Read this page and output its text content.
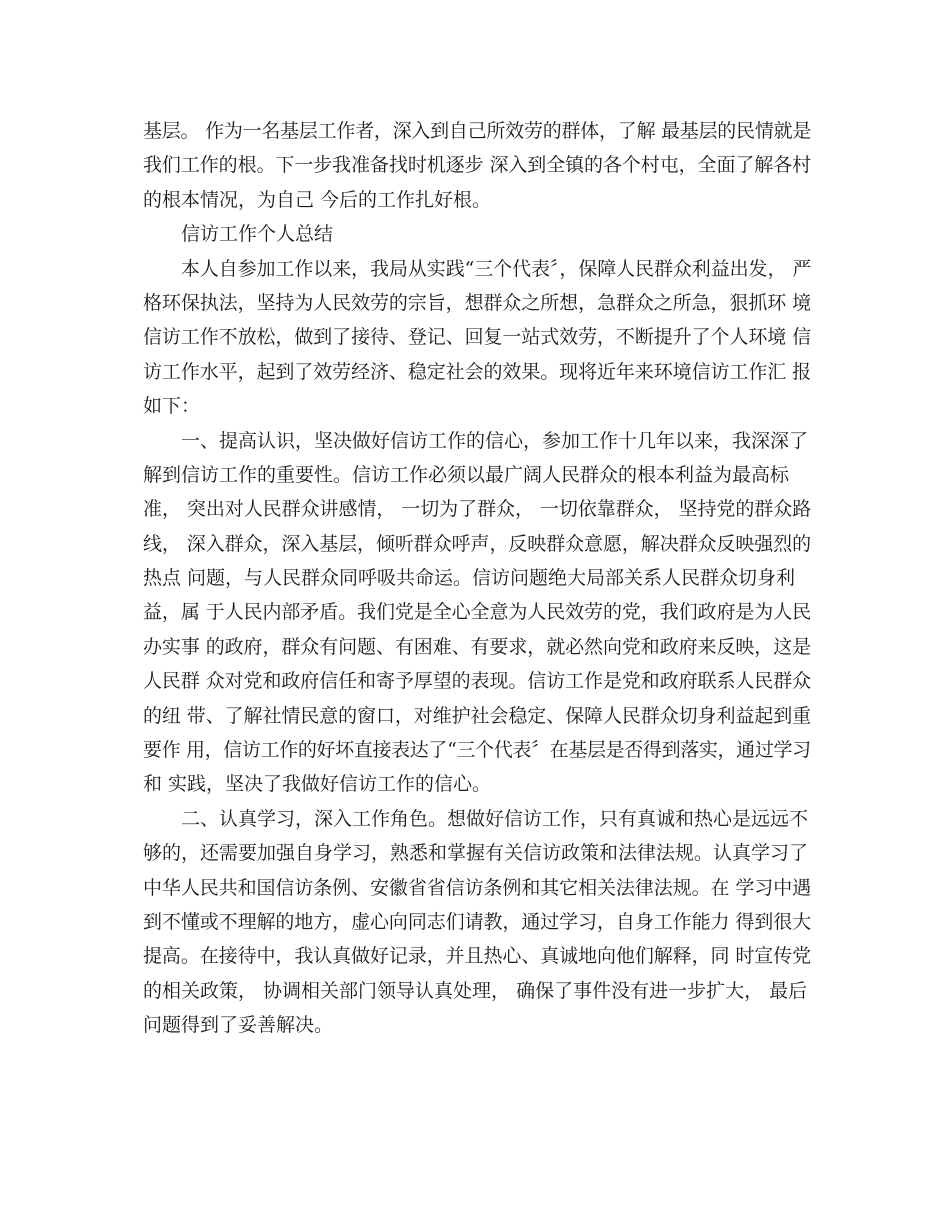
基层。 作为一名基层工作者，深入到自己所效劳的群体，了解 最基层的民情就是
我们工作的根。下一步我准备找时机逐步 深入到全镇的各个村屯，全面了解各村
的根本情况，为自己 今后的工作扎好根。
　　信访工作个人总结
　　本人自参加工作以来，我局从实践“三个代表〞，保障人民群众利益出发， 严
格环保执法，坚持为人民效劳的宗旨，想群众之所想，急群众之所急，狠抓环 境
信访工作不放松，做到了接待、登记、回复一站式效劳，不断提升了个人环境 信
访工作水平，起到了效劳经济、稳定社会的效果。现将近年来环境信访工作汇 报
如下：
　　一、提高认识，坚决做好信访工作的信心，参加工作十几年以来，我深深了
解到信访工作的重要性。信访工作必须以最广阔人民群众的根本利益为最高标
准， 突出对人民群众讲感情， 一切为了群众， 一切依靠群众， 坚持党的群众路
线， 深入群众，深入基层，倾听群众呼声，反映群众意愿，解决群众反映强烈的
热点 问题，与人民群众同呼吸共命运。信访问题绝大局部关系人民群众切身利
益，属 于人民内部矛盾。我们党是全心全意为人民效劳的党，我们政府是为人民
办实事 的政府，群众有问题、有困难、有要求，就必然向党和政府来反映，这是
人民群 众对党和政府信任和寄予厚望的表现。信访工作是党和政府联系人民群众
的纽 带、了解社情民意的窗口，对维护社会稳定、保障人民群众切身利益起到重
要作 用，信访工作的好坏直接表达了“三个代表〞在基层是否得到落实，通过学习
和 实践，坚决了我做好信访工作的信心。
　　二、认真学习，深入工作角色。想做好信访工作，只有真诚和热心是远远不
够的，还需要加强自身学习，熟悉和掌握有关信访政策和法律法规。认真学习了
中华人民共和国信访条例、安徽省省信访条例和其它相关法律法规。在 学习中遇
到不懂或不理解的地方，虚心向同志们请教，通过学习，自身工作能力 得到很大
提高。在接待中，我认真做好记录，并且热心、真诚地向他们解释，同 时宣传党
的相关政策， 协调相关部门领导认真处理， 确保了事件没有进一步扩大， 最后
问题得到了妥善解决。
